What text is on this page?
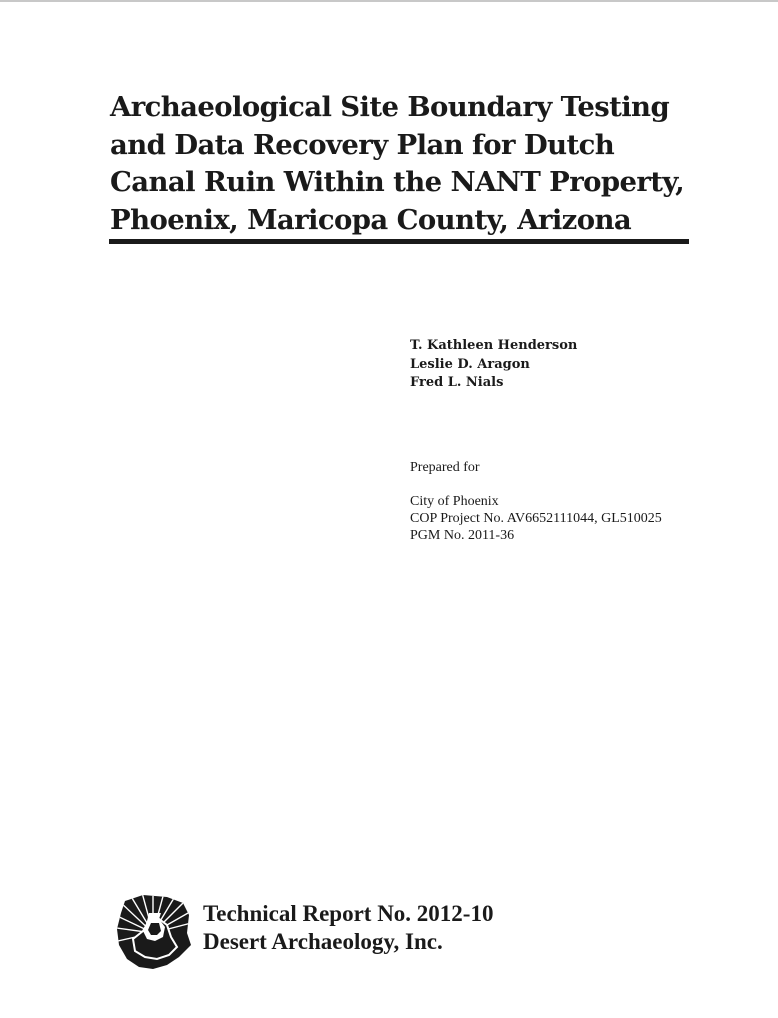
Archaeological Site Boundary Testing
and Data Recovery Plan for Dutch
Canal Ruin Within the NANT Property,
Phoenix, Maricopa County, Arizona
T. Kathleen Henderson
Leslie D. Aragon
Fred L. Nials
Prepared for
City of Phoenix
COP Project No. AV6652111044, GL510025
PGM No. 2011-36
Technical Report No. 2012-10
Desert Archaeology, Inc.
